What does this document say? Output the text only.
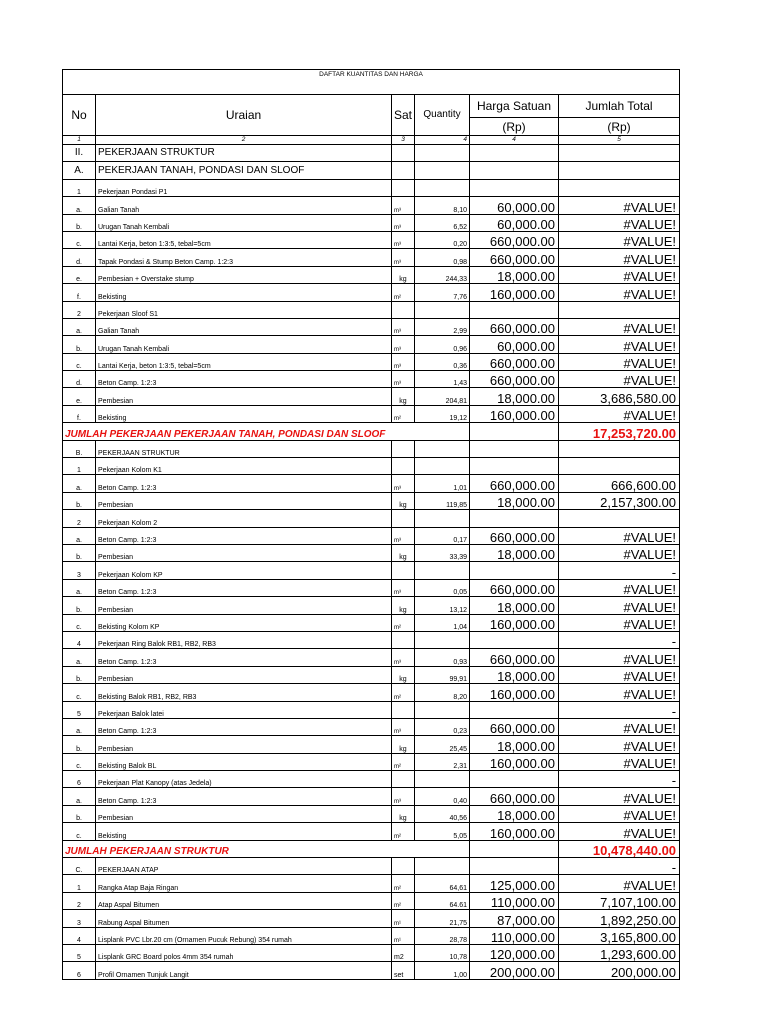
DAFTAR KUANTITAS DAN HARGA					
No	Uraian	Sat	Quantity	Harga Satuan	Jumlah Total
				(Rp)	(Rp)
1	2	3	4	4	5
II.	PEKERJAAN STRUKTUR				
A.	PEKERJAAN TANAH, PONDASI DAN SLOOF				
1	Pekerjaan Pondasi P1				
a.	Galian Tanah	m³	8,10	60,000.00	#VALUE!
b.	Urugan Tanah Kembali	m³	6,52	60,000.00	#VALUE!
c.	Lantai Kerja, beton 1:3:5, tebal=5cm	m³	0,20	660,000.00	#VALUE!
d.	Tapak Pondasi & Stump Beton Camp. 1:2:3	m³	0,98	660,000.00	#VALUE!
e.	Pembesian + Overstake stump	kg	244,33	18,000.00	#VALUE!
f.	Bekisting	m²	7,76	160,000.00	#VALUE!
2	Pekerjaan Sloof S1				
a.	Galian Tanah	m³	2,99	660,000.00	#VALUE!
b.	Urugan Tanah Kembali	m³	0,96	60,000.00	#VALUE!
c.	Lantai Kerja, beton 1:3:5, tebal=5cm	m³	0,36	660,000.00	#VALUE!
d.	Beton Camp. 1:2:3	m³	1,43	660,000.00	#VALUE!
e.	Pembesian	kg	204,81	18,000.00	3,686,580.00
f.	Bekisting	m²	19,12	160,000.00	#VALUE!
JUMLAH PEKERJAAN PEKERJAAN TANAH, PONDASI DAN SLOOF					17,253,720.00
B.	PEKERJAAN STRUKTUR				
1	Pekerjaan Kolom K1				
a.	Beton Camp. 1:2:3	m³	1,01	660,000.00	666,600.00
b.	Pembesian	kg	119,85	18,000.00	2,157,300.00
2	Pekerjaan Kolom 2				
a.	Beton Camp. 1:2:3	m³	0,17	660,000.00	#VALUE!
b.	Pembesian	kg	33,39	18,000.00	#VALUE!
3	Pekerjaan Kolom KP				-
a.	Beton Camp. 1:2:3	m³	0,05	660,000.00	#VALUE!
b.	Pembesian	kg	13,12	18,000.00	#VALUE!
c.	Bekisting Kolom KP	m²	1,04	160,000.00	#VALUE!
4	Pekerjaan Ring Balok RB1, RB2, RB3				-
a.	Beton Camp. 1:2:3	m³	0,93	660,000.00	#VALUE!
b.	Pembesian	kg	99,91	18,000.00	#VALUE!
c.	Bekisting Balok RB1, RB2, RB3	m²	8,20	160,000.00	#VALUE!
5	Pekerjaan Balok latei				-
a.	Beton Camp. 1:2:3	m³	0,23	660,000.00	#VALUE!
b.	Pembesian	kg	25,45	18,000.00	#VALUE!
c.	Bekisting Balok BL	m²	2,31	160,000.00	#VALUE!
6	Pekerjaan Plat Kanopy (atas Jedela)				-
a.	Beton Camp. 1:2:3	m³	0,40	660,000.00	#VALUE!
b.	Pembesian	kg	40,56	18,000.00	#VALUE!
c.	Bekisting	m²	5,05	160,000.00	#VALUE!
JUMLAH PEKERJAAN STRUKTUR					10,478,440.00
C.	PEKERJAAN ATAP				-
1	Rangka Atap Baja Ringan	m²	64,61	125,000.00	#VALUE!
2	Atap Aspal Bitumen	m²	64.61	110,000.00	7,107,100.00
3	Rabung Aspal Bitumen	m¹	21,75	87,000.00	1,892,250.00
4	Lisplank PVC Lbr.20 cm (Ornamen Pucuk Rebung) 354 rumah	m¹	28,78	110,000.00	3,165,800.00
5	Lisplank GRC Board polos 4mm 354 rumah	m2	10,78	120,000.00	1,293,600.00
6	Profil Ornamen Tunjuk Langit	set	1,00	200,000.00	200,000.00
